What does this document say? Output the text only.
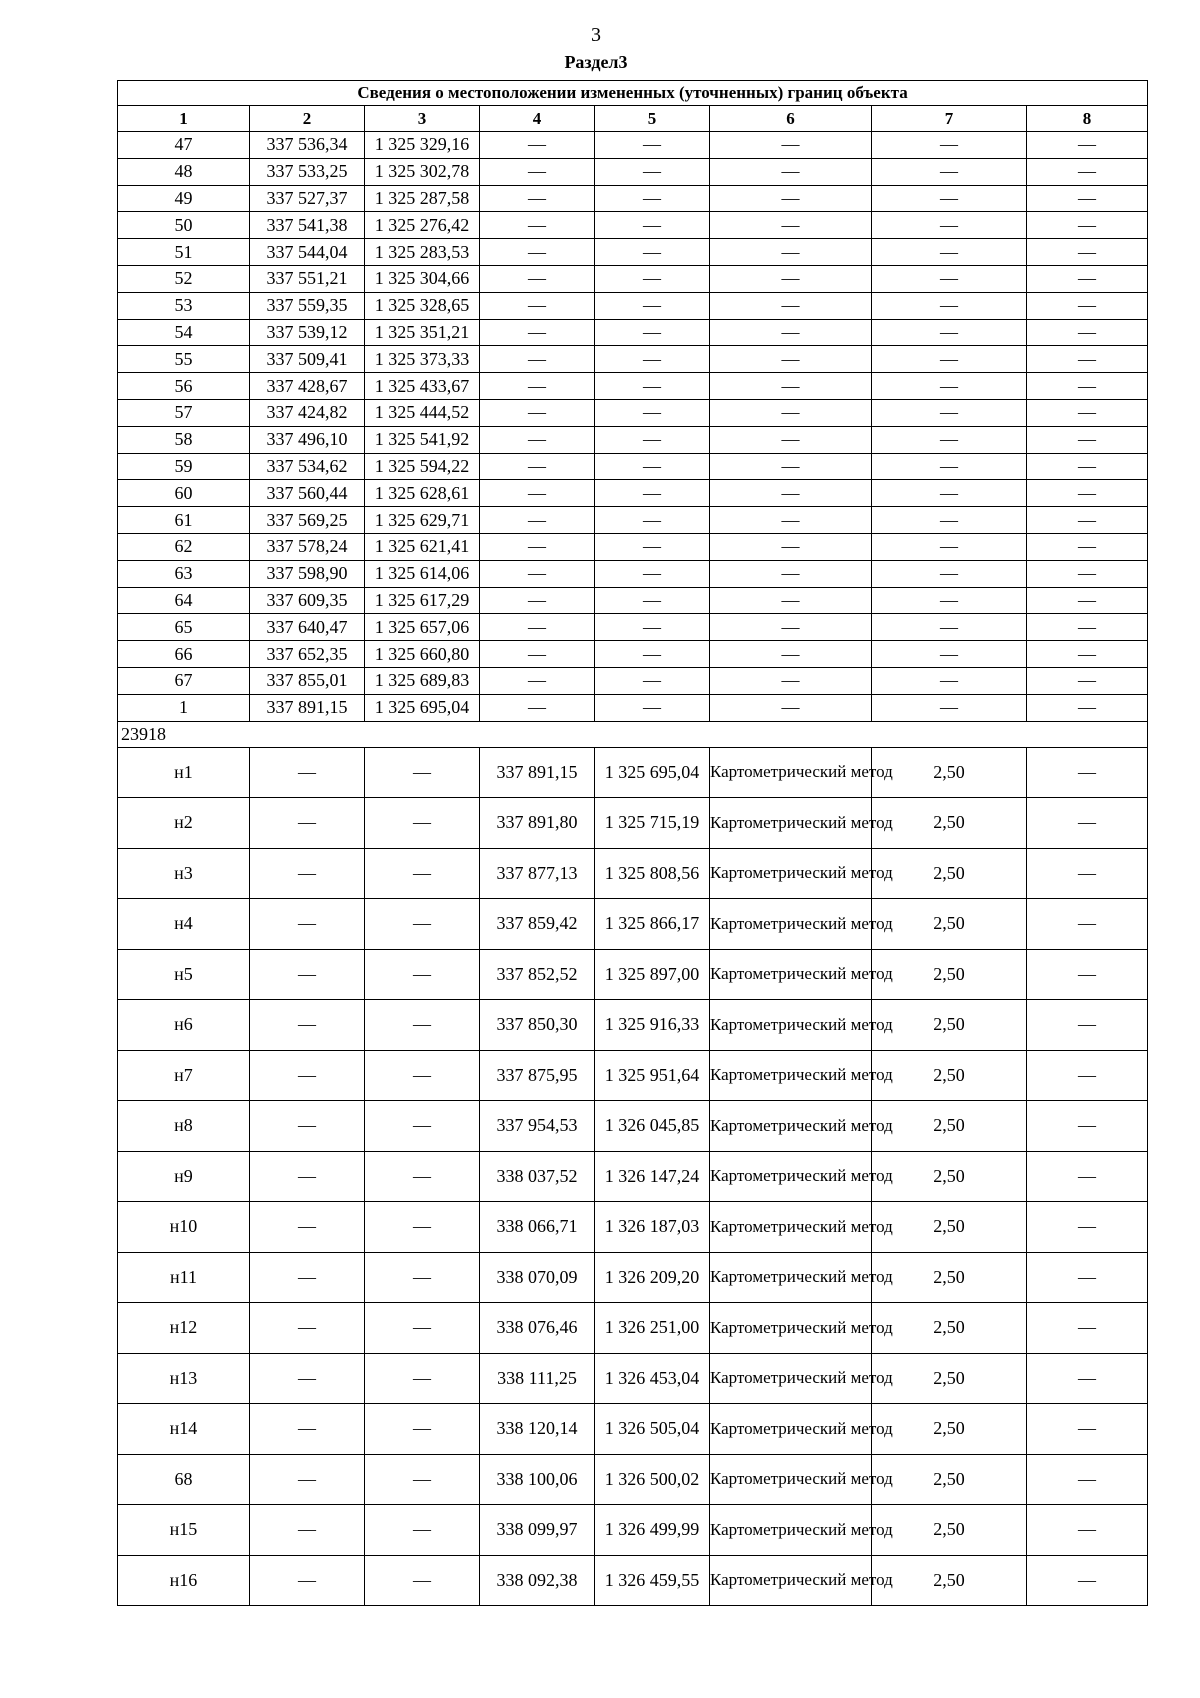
3
Раздел3
Сведения о местоположении измененных (уточненных) границ объекта							
1	2	3	4	5	6	7	8
47	337 536,34	1 325 329,16	—	—	—	—	—
48	337 533,25	1 325 302,78	—	—	—	—	—
49	337 527,37	1 325 287,58	—	—	—	—	—
50	337 541,38	1 325 276,42	—	—	—	—	—
51	337 544,04	1 325 283,53	—	—	—	—	—
52	337 551,21	1 325 304,66	—	—	—	—	—
53	337 559,35	1 325 328,65	—	—	—	—	—
54	337 539,12	1 325 351,21	—	—	—	—	—
55	337 509,41	1 325 373,33	—	—	—	—	—
56	337 428,67	1 325 433,67	—	—	—	—	—
57	337 424,82	1 325 444,52	—	—	—	—	—
58	337 496,10	1 325 541,92	—	—	—	—	—
59	337 534,62	1 325 594,22	—	—	—	—	—
60	337 560,44	1 325 628,61	—	—	—	—	—
61	337 569,25	1 325 629,71	—	—	—	—	—
62	337 578,24	1 325 621,41	—	—	—	—	—
63	337 598,90	1 325 614,06	—	—	—	—	—
64	337 609,35	1 325 617,29	—	—	—	—	—
65	337 640,47	1 325 657,06	—	—	—	—	—
66	337 652,35	1 325 660,80	—	—	—	—	—
67	337 855,01	1 325 689,83	—	—	—	—	—
1	337 891,15	1 325 695,04	—	—	—	—	—
23918							
н1	—	—	337 891,15	1 325 695,04	Картометрический метод	2,50	—
н2	—	—	337 891,80	1 325 715,19	Картометрический метод	2,50	—
н3	—	—	337 877,13	1 325 808,56	Картометрический метод	2,50	—
н4	—	—	337 859,42	1 325 866,17	Картометрический метод	2,50	—
н5	—	—	337 852,52	1 325 897,00	Картометрический метод	2,50	—
н6	—	—	337 850,30	1 325 916,33	Картометрический метод	2,50	—
н7	—	—	337 875,95	1 325 951,64	Картометрический метод	2,50	—
н8	—	—	337 954,53	1 326 045,85	Картометрический метод	2,50	—
н9	—	—	338 037,52	1 326 147,24	Картометрический метод	2,50	—
н10	—	—	338 066,71	1 326 187,03	Картометрический метод	2,50	—
н11	—	—	338 070,09	1 326 209,20	Картометрический метод	2,50	—
н12	—	—	338 076,46	1 326 251,00	Картометрический метод	2,50	—
н13	—	—	338 111,25	1 326 453,04	Картометрический метод	2,50	—
н14	—	—	338 120,14	1 326 505,04	Картометрический метод	2,50	—
68	—	—	338 100,06	1 326 500,02	Картометрический метод	2,50	—
н15	—	—	338 099,97	1 326 499,99	Картометрический метод	2,50	—
н16	—	—	338 092,38	1 326 459,55	Картометрический метод	2,50	—
